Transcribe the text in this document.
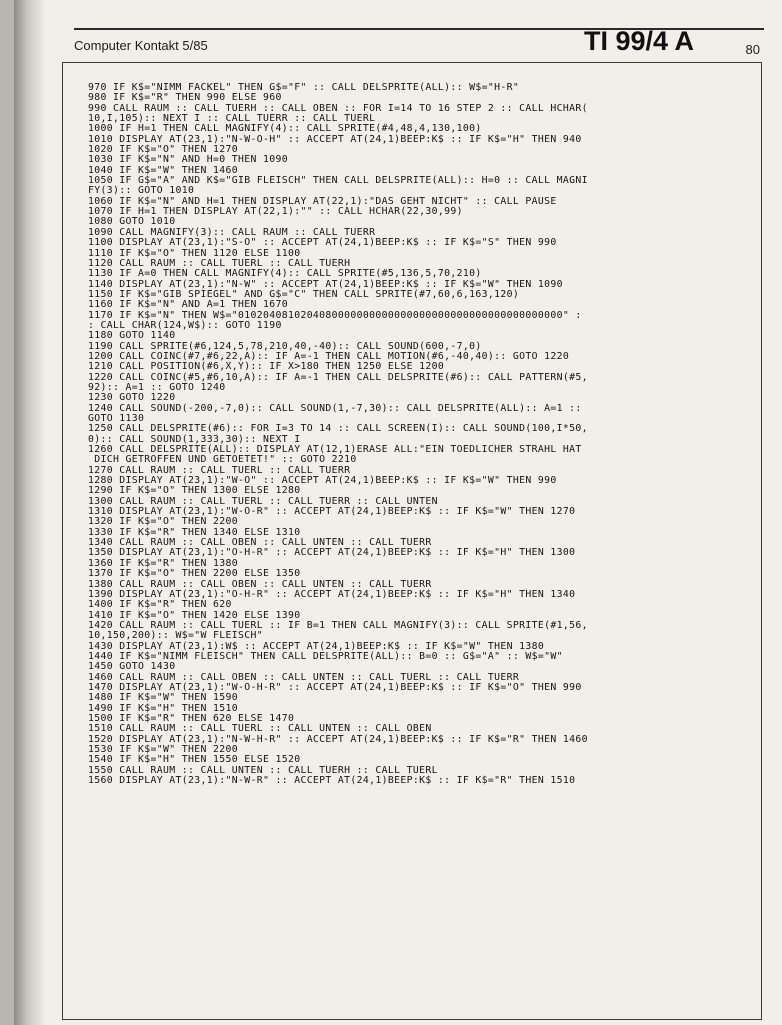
Computer Kontakt 5/85	TI 99/4 A	80
970 IF K$="NIMM FACKEL" THEN G$="F" :: CALL DELSPRITE(ALL):: W$="H-R"
980 IF K$="R" THEN 990 ELSE 960
990 CALL RAUM :: CALL TUERH :: CALL OBEN :: FOR I=14 TO 16 STEP 2 :: CALL HCHAR(
10,I,105):: NEXT I :: CALL TUERR :: CALL TUERL
1000 IF H=1 THEN CALL MAGNIFY(4):: CALL SPRITE(#4,48,4,130,100)
1010 DISPLAY AT(23,1):"N-W-O-H" :: ACCEPT AT(24,1)BEEP:K$ :: IF K$="H" THEN 940
1020 IF K$="O" THEN 1270
1030 IF K$="N" AND H=0 THEN 1090
1040 IF K$="W" THEN 1460
1050 IF G$="A" AND K$="GIB FLEISCH" THEN CALL DELSPRITE(ALL):: H=0 :: CALL MAGNI
FY(3):: GOTO 1010
1060 IF K$="N" AND H=1 THEN DISPLAY AT(22,1):"DAS GEHT NICHT" :: CALL PAUSE
1070 IF H=1 THEN DISPLAY AT(22,1):"" :: CALL HCHAR(22,30,99)
1080 GOTO 1010
1090 CALL MAGNIFY(3):: CALL RAUM :: CALL TUERR
1100 DISPLAY AT(23,1):"S-O" :: ACCEPT AT(24,1)BEEP:K$ :: IF K$="S" THEN 990
1110 IF K$="O" THEN 1120 ELSE 1100
1120 CALL RAUM :: CALL TUERL :: CALL TUERH
1130 IF A=0 THEN CALL MAGNIFY(4):: CALL SPRITE(#5,136,5,70,210)
1140 DISPLAY AT(23,1):"N-W" :: ACCEPT AT(24,1)BEEP:K$ :: IF K$="W" THEN 1090
1150 IF K$="GIB SPIEGEL" AND G$="C" THEN CALL SPRITE(#7,60,6,163,120)
1160 IF K$="N" AND A=1 THEN 1670
1170 IF K$="N" THEN W$="0102040810204080000000000000000000000000000000000000" :
: CALL CHAR(124,W$):: GOTO 1190
1180 GOTO 1140
1190 CALL SPRITE(#6,124,5,78,210,40,-40):: CALL SOUND(600,-7,0)
1200 CALL COINC(#7,#6,22,A):: IF A=-1 THEN CALL MOTION(#6,-40,40):: GOTO 1220
1210 CALL POSITION(#6,X,Y):: IF X>180 THEN 1250 ELSE 1200
1220 CALL COINC(#5,#6,10,A):: IF A=-1 THEN CALL DELSPRITE(#6):: CALL PATTERN(#5,
92):: A=1 :: GOTO 1240
1230 GOTO 1220
1240 CALL SOUND(-200,-7,0):: CALL SOUND(1,-7,30):: CALL DELSPRITE(ALL):: A=1 ::
GOTO 1130
1250 CALL DELSPRITE(#6):: FOR I=3 TO 14 :: CALL SCREEN(I):: CALL SOUND(100,I*50,
0):: CALL SOUND(1,333,30):: NEXT I
1260 CALL DELSPRITE(ALL):: DISPLAY AT(12,1)ERASE ALL:"EIN TOEDLICHER STRAHL HAT
DICH GETROFFEN UND GETOETET!" :: GOTO 2210
1270 CALL RAUM :: CALL TUERL :: CALL TUERR
1280 DISPLAY AT(23,1):"W-O" :: ACCEPT AT(24,1)BEEP:K$ :: IF K$="W" THEN 990
1290 IF K$="O" THEN 1300 ELSE 1280
1300 CALL RAUM :: CALL TUERL :: CALL TUERR :: CALL UNTEN
1310 DISPLAY AT(23,1):"W-O-R" :: ACCEPT AT(24,1)BEEP:K$ :: IF K$="W" THEN 1270
1320 IF K$="O" THEN 2200
1330 IF K$="R" THEN 1340 ELSE 1310
1340 CALL RAUM :: CALL OBEN :: CALL UNTEN :: CALL TUERR
1350 DISPLAY AT(23,1):"O-H-R" :: ACCEPT AT(24,1)BEEP:K$ :: IF K$="H" THEN 1300
1360 IF K$="R" THEN 1380
1370 IF K$="O" THEN 2200 ELSE 1350
1380 CALL RAUM :: CALL OBEN :: CALL UNTEN :: CALL TUERR
1390 DISPLAY AT(23,1):"O-H-R" :: ACCEPT AT(24,1)BEEP:K$ :: IF K$="H" THEN 1340
1400 IF K$="R" THEN 620
1410 IF K$="O" THEN 1420 ELSE 1390
1420 CALL RAUM :: CALL TUERL :: IF B=1 THEN CALL MAGNIFY(3):: CALL SPRITE(#1,56,
10,150,200):: W$="W FLEISCH"
1430 DISPLAY AT(23,1):W$ :: ACCEPT AT(24,1)BEEP:K$ :: IF K$="W" THEN 1380
1440 IF K$="NIMM FLEISCH" THEN CALL DELSPRITE(ALL):: B=0 :: G$="A" :: W$="W"
1450 GOTO 1430
1460 CALL RAUM :: CALL OBEN :: CALL UNTEN :: CALL TUERL :: CALL TUERR
1470 DISPLAY AT(23,1):"W-O-H-R" :: ACCEPT AT(24,1)BEEP:K$ :: IF K$="O" THEN 990
1480 IF K$="W" THEN 1590
1490 IF K$="H" THEN 1510
1500 IF K$="R" THEN 620 ELSE 1470
1510 CALL RAUM :: CALL TUERL :: CALL UNTEN :: CALL OBEN
1520 DISPLAY AT(23,1):"N-W-H-R" :: ACCEPT AT(24,1)BEEP:K$ :: IF K$="R" THEN 1460
1530 IF K$="W" THEN 2200
1540 IF K$="H" THEN 1550 ELSE 1520
1550 CALL RAUM :: CALL UNTEN :: CALL TUERH :: CALL TUERL
1560 DISPLAY AT(23,1):"N-W-R" :: ACCEPT AT(24,1)BEEP:K$ :: IF K$="R" THEN 1510
